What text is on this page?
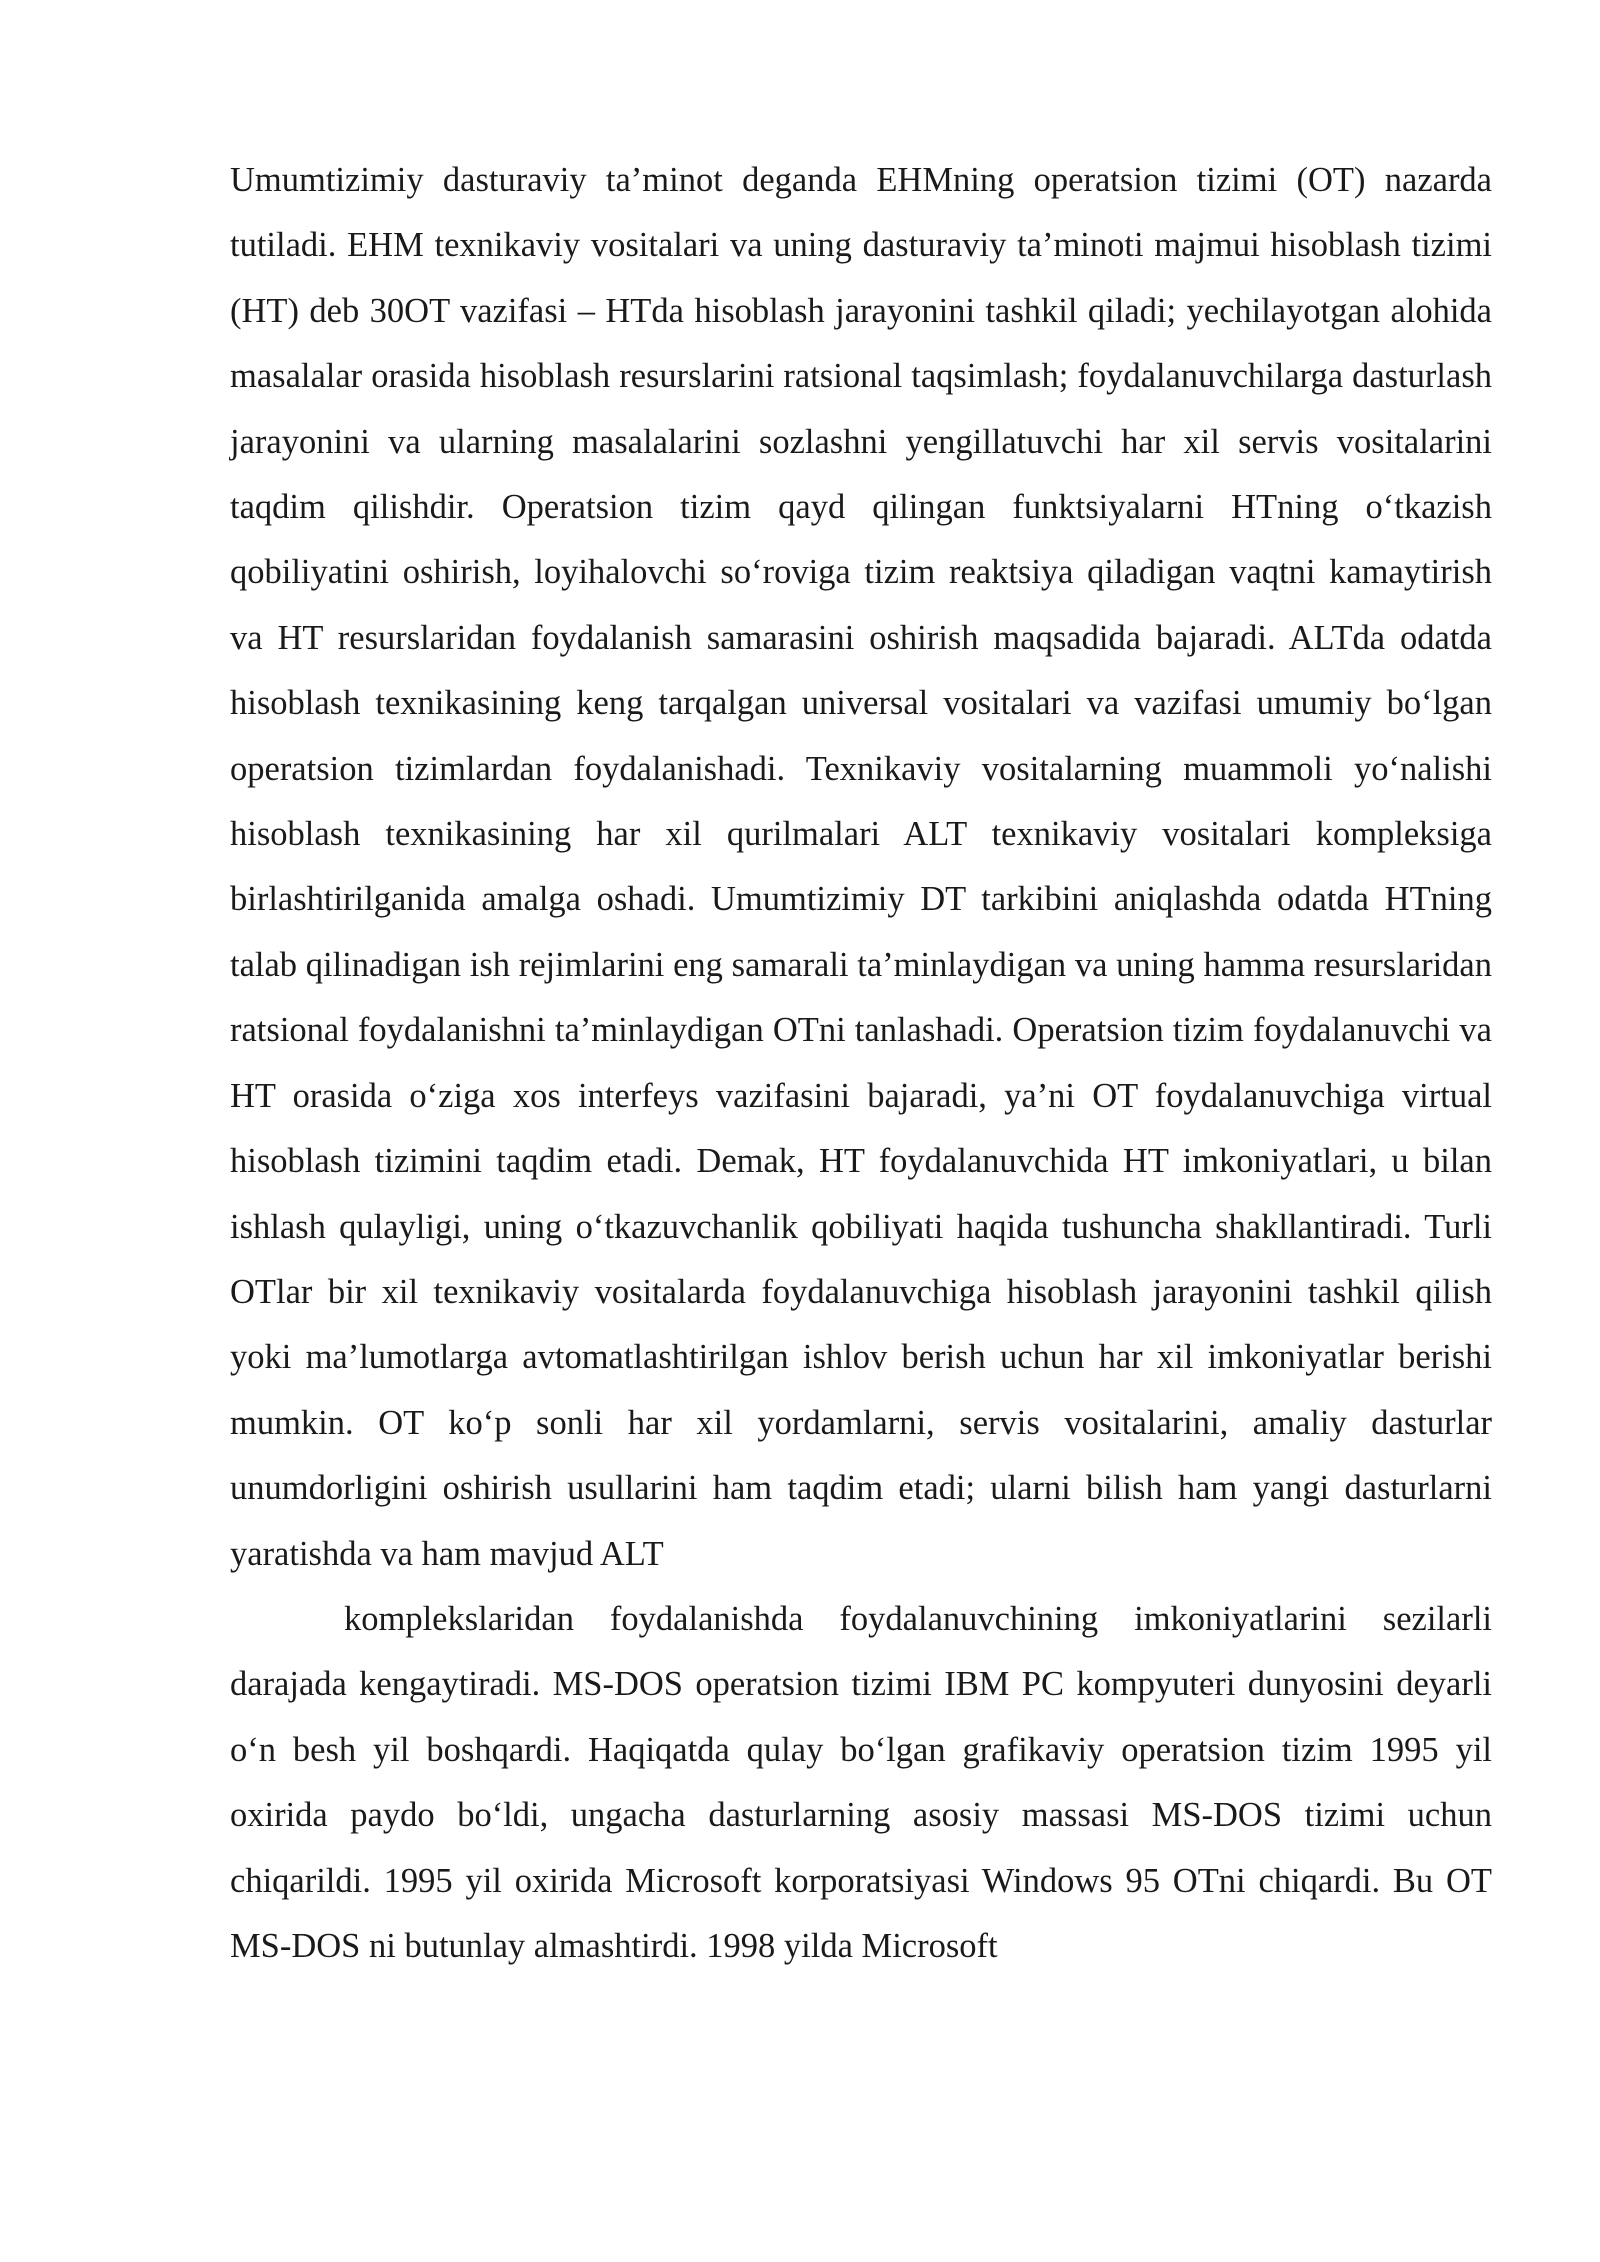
Umumtizimiy dasturaviy ta’minot deganda EHMning operatsion tizimi (OT) nazarda tutiladi. EHM texnikaviy vositalari va uning dasturaviy ta’minoti majmui hisoblash tizimi (HT) deb 30OT vazifasi – HTda hisoblash jarayonini tashkil qiladi; yechilayotgan alohida masalalar orasida hisoblash resurslarini ratsional taqsimlash; foydalanuvchilarga dasturlash jarayonini va ularning masalalarini sozlashni yengillatuvchi har xil servis vositalarini taqdim qilishdir. Operatsion tizim qayd qilingan funktsiyalarni HTning o‘tkazish qobiliyatini oshirish, loyihalovchi so‘roviga tizim reaktsiya qiladigan vaqtni kamaytirish va HT resurslaridan foydalanish samarasini oshirish maqsadida bajaradi. ALTda odatda hisoblash texnikasining keng tarqalgan universal vositalari va vazifasi umumiy bo‘lgan operatsion tizimlardan foydalanishadi. Texnikaviy vositalarning muammoli yo‘nalishi hisoblash texnikasining har xil qurilmalari ALT texnikaviy vositalari kompleksiga birlashtirilganida amalga oshadi. Umumtizimiy DT tarkibini aniqlashda odatda HTning talab qilinadigan ish rejimlarini eng samarali ta’minlaydigan va uning hamma resurslaridan ratsional foydalanishni ta’minlaydigan OTni tanlashadi. Operatsion tizim foydalanuvchi va HT orasida o‘ziga xos interfeys vazifasini bajaradi, ya’ni OT foydalanuvchiga virtual hisoblash tizimini taqdim etadi. Demak, HT foydalanuvchida HT imkoniyatlari, u bilan ishlash qulayligi, uning o‘tkazuvchanlik qobiliyati haqida tushuncha shakllantiradi. Turli OTlar bir xil texnikaviy vositalarda foydalanuvchiga hisoblash jarayonini tashkil qilish yoki ma’lumotlarga avtomatlashtirilgan ishlov berish uchun har xil imkoniyatlar berishi mumkin. OT ko‘p sonli har xil yordamlarni, servis vositalarini, amaliy dasturlar unumdorligini oshirish usullarini ham taqdim etadi; ularni bilish ham yangi dasturlarni yaratishda va ham mavjud ALT

komplekslaridan foydalanishda foydalanuvchining imkoniyatlarini sezilarli darajada kengaytiradi. MS-DOS operatsion tizimi IBM PC kompyuteri dunyosini deyarli o‘n besh yil boshqardi. Haqiqatda qulay bo‘lgan grafikaviy operatsion tizim 1995 yil oxirida paydo bo‘ldi, ungacha dasturlarning asosiy massasi MS-DOS tizimi uchun chiqarildi. 1995 yil oxirida Microsoft korporatsiyasi Windows 95 OTni chiqardi. Bu OT MS-DOS ni butunlay almashtirdi. 1998 yilda Microsoft
